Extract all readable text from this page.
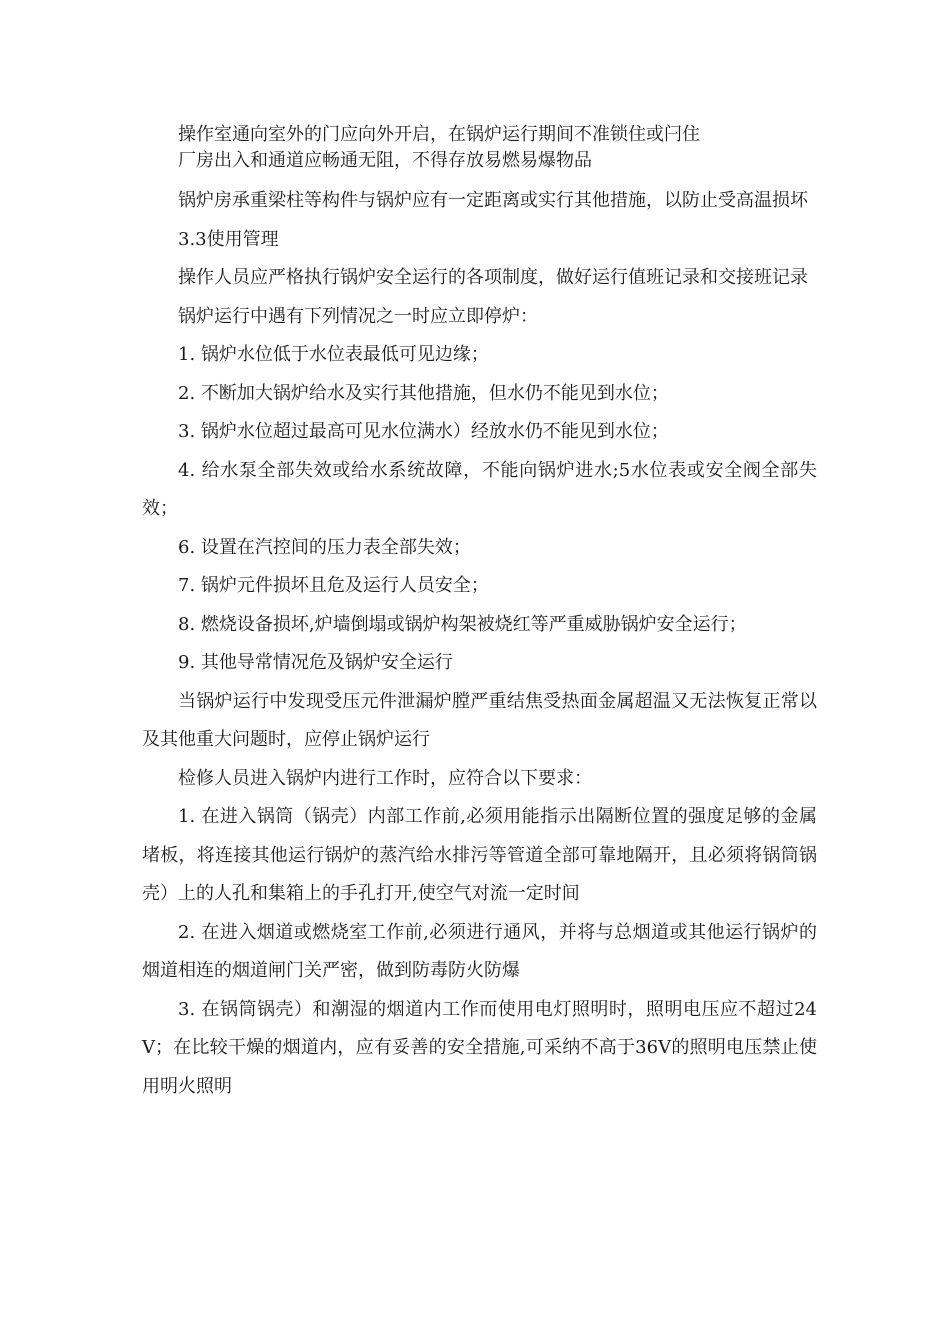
操作室通向室外的门应向外开启，在锅炉运行期间不准锁住或闩住

厂房出入和通道应畅通无阻，不得存放易燃易爆物品

锅炉房承重梁柱等构件与锅炉应有一定距离或实行其他措施，以防止受高温损坏

3.3使用管理

操作人员应严格执行锅炉安全运行的各项制度，做好运行值班记录和交接班记录

锅炉运行中遇有下列情况之一时应立即停炉：

1. 锅炉水位低于水位表最低可见边缘；

2. 不断加大锅炉给水及实行其他措施，但水仍不能见到水位；

3. 锅炉水位超过最高可见水位满水）经放水仍不能见到水位；

4. 给水泵全部失效或给水系统故障，不能向锅炉进水;5水位表或安全阀全部失效；

6. 设置在汽控间的压力表全部失效；

7. 锅炉元件损坏且危及运行人员安全；

8. 燃烧设备损坏,炉墙倒塌或锅炉构架被烧红等严重威胁锅炉安全运行；

9. 其他导常情况危及锅炉安全运行

当锅炉运行中发现受压元件泄漏炉膛严重结焦受热面金属超温又无法恢复正常以及其他重大问题时，应停止锅炉运行

检修人员进入锅炉内进行工作时，应符合以下要求：

1. 在进入锅筒（锅壳）内部工作前,必须用能指示出隔断位置的强度足够的金属堵板，将连接其他运行锅炉的蒸汽给水排污等管道全部可靠地隔开，且必须将锅筒锅壳）上的人孔和集箱上的手孔打开,使空气对流一定时间

2. 在进入烟道或燃烧室工作前,必须进行通风，并将与总烟道或其他运行锅炉的烟道相连的烟道闸门关严密，做到防毒防火防爆

3. 在锅筒锅壳）和潮湿的烟道内工作而使用电灯照明时，照明电压应不超过24V；在比较干燥的烟道内，应有妥善的安全措施,可采纳不高于36V的照明电压禁止使用明火照明
